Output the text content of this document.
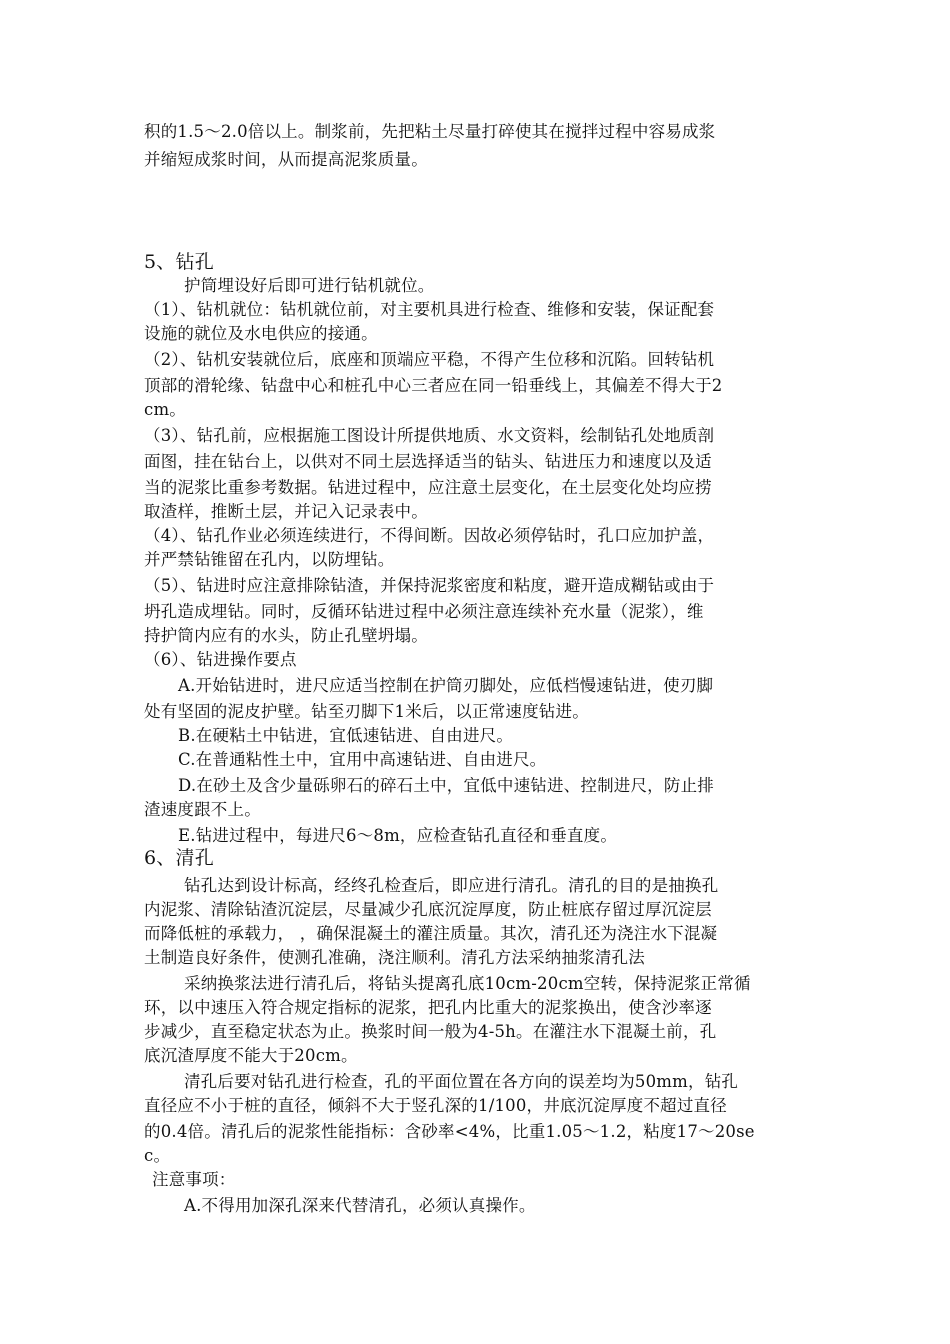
积的1.5～2.0倍以上。制浆前，先把粘土尽量打碎使其在搅拌过程中容易成浆
并缩短成浆时间，从而提高泥浆质量。
5、钻孔
护筒埋设好后即可进行钻机就位。
（1）、钻机就位：钻机就位前，对主要机具进行检查、维修和安装，保证配套
设施的就位及水电供应的接通。
（2）、钻机安装就位后，底座和顶端应平稳，不得产生位移和沉陷。回转钻机
顶部的滑轮缘、钻盘中心和桩孔中心三者应在同一铅垂线上，其偏差不得大于2
cm。
（3）、钻孔前，应根据施工图设计所提供地质、水文资料，绘制钻孔处地质剖
面图，挂在钻台上，以供对不同土层选择适当的钻头、钻进压力和速度以及适
当的泥浆比重参考数据。钻进过程中，应注意土层变化，在土层变化处均应捞
取渣样，推断土层，并记入记录表中。
（4）、钻孔作业必须连续进行，不得间断。因故必须停钻时，孔口应加护盖，
并严禁钻锥留在孔内，以防埋钻。
（5）、钻进时应注意排除钻渣，并保持泥浆密度和粘度，避开造成糊钻或由于
坍孔造成埋钻。同时，反循环钻进过程中必须注意连续补充水量（泥浆），维
持护筒内应有的水头，防止孔壁坍塌。
（6）、钻进操作要点
A.开始钻进时，进尺应适当控制在护筒刃脚处，应低档慢速钻进，使刃脚
处有坚固的泥皮护壁。钻至刃脚下1米后，以正常速度钻进。
B.在硬粘土中钻进，宜低速钻进、自由进尺。
C.在普通粘性土中，宜用中高速钻进、自由进尺。
D.在砂土及含少量砾卵石的碎石土中，宜低中速钻进、控制进尺，防止排
渣速度跟不上。
E.钻进过程中，每进尺6～8m，应检查钻孔直径和垂直度。
6、清孔
钻孔达到设计标高，经终孔检查后，即应进行清孔。清孔的目的是抽换孔
内泥浆、清除钻渣沉淀层，尽量减少孔底沉淀厚度，防止桩底存留过厚沉淀层
而降低桩的承载力， ，确保混凝土的灌注质量。其次，清孔还为浇注水下混凝
土制造良好条件，使测孔准确，浇注顺利。清孔方法采纳抽浆清孔法
采纳换浆法进行清孔后，将钻头提离孔底10cm-20cm空转，保持泥浆正常循
环，以中速压入符合规定指标的泥浆，把孔内比重大的泥浆换出，使含沙率逐
步减少，直至稳定状态为止。换浆时间一般为4-5h。在灌注水下混凝土前，孔
底沉渣厚度不能大于20cm。
清孔后要对钻孔进行检查，孔的平面位置在各方向的误差均为50mm，钻孔
直径应不小于桩的直径，倾斜不大于竖孔深的1/100，井底沉淀厚度不超过直径
的0.4倍。清孔后的泥浆性能指标：含砂率<4%，比重1.05～1.2，粘度17～20se
c。
注意事项：
A.不得用加深孔深来代替清孔，必须认真操作。
